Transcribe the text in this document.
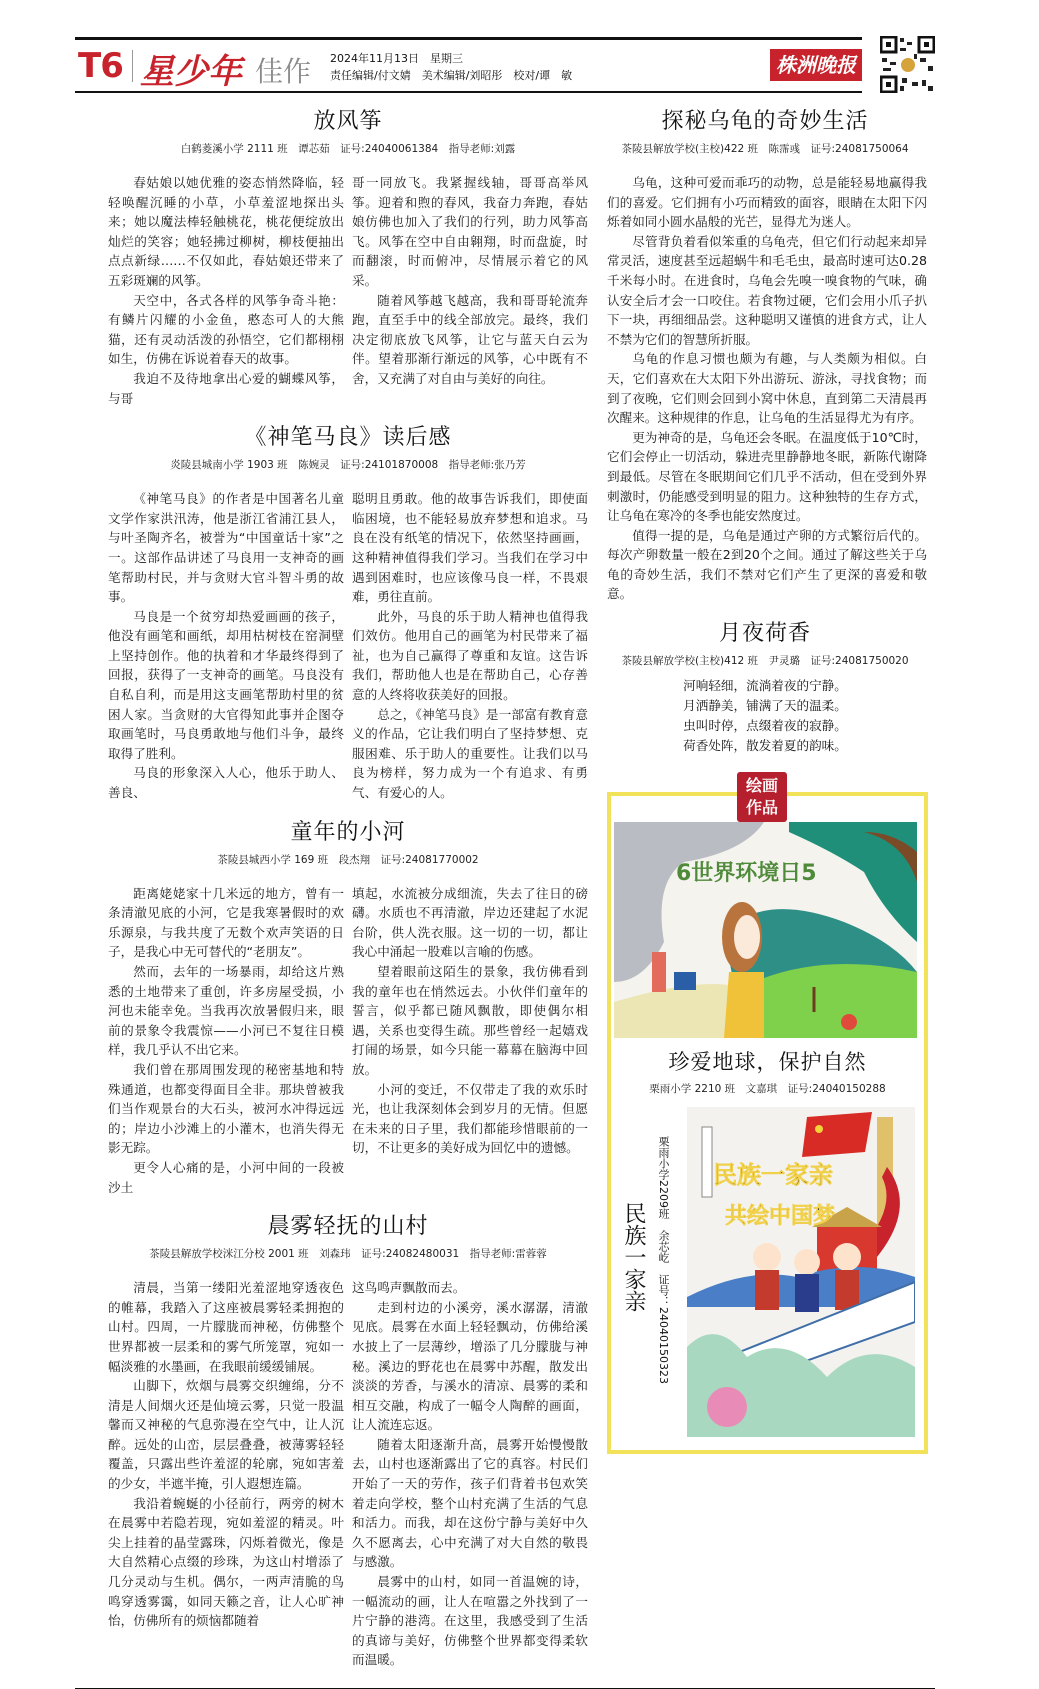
T6 星少年 佳作 2024年11月13日　星期三
责任编辑/付文婧　美术编辑/刘昭彤　校对/谭　敏	株洲晚报
放风筝
白鹤菱溪小学 2111 班　谭芯茹　证号:24040061384　指导老师:刘露

春姑娘以她优雅的姿态悄然降临，轻轻唤醒沉睡的小草，小草羞涩地探出头来；她以魔法棒轻触桃花，桃花便绽放出灿烂的笑容；她轻拂过柳树，柳枝便抽出点点新绿……不仅如此，春姑娘还带来了五彩斑斓的风筝。

天空中，各式各样的风筝争奇斗艳：有鳞片闪耀的小金鱼，憨态可人的大熊猫，还有灵动活泼的孙悟空，它们都栩栩如生，仿佛在诉说着春天的故事。

我迫不及待地拿出心爱的蝴蝶风筝，与哥

哥一同放飞。我紧握线轴，哥哥高举风筝。迎着和煦的春风，我奋力奔跑，春姑娘仿佛也加入了我们的行列，助力风筝高飞。风筝在空中自由翱翔，时而盘旋，时而翻滚，时而俯冲，尽情展示着它的风采。

随着风筝越飞越高，我和哥哥轮流奔跑，直至手中的线全部放完。最终，我们决定彻底放飞风筝，让它与蓝天白云为伴。望着那渐行渐远的风筝，心中既有不舍，又充满了对自由与美好的向往。

《神笔马良》读后感
炎陵县城南小学 1903 班　陈婉灵　证号:24101870008　指导老师:张乃芳

《神笔马良》的作者是中国著名儿童文学作家洪汛涛，他是浙江省浦江县人，与叶圣陶齐名，被誉为“中国童话十家”之一。这部作品讲述了马良用一支神奇的画笔帮助村民，并与贪财大官斗智斗勇的故事。

马良是一个贫穷却热爱画画的孩子，他没有画笔和画纸，却用枯树枝在窑洞壁上坚持创作。他的执着和才华最终得到了回报，获得了一支神奇的画笔。马良没有自私自利，而是用这支画笔帮助村里的贫困人家。当贪财的大官得知此事并企图夺取画笔时，马良勇敢地与他们斗争，最终取得了胜利。

马良的形象深入人心，他乐于助人、善良、

聪明且勇敢。他的故事告诉我们，即使面临困境，也不能轻易放弃梦想和追求。马良在没有纸笔的情况下，依然坚持画画，这种精神值得我们学习。当我们在学习中遇到困难时，也应该像马良一样，不畏艰难，勇往直前。

此外，马良的乐于助人精神也值得我们效仿。他用自己的画笔为村民带来了福祉，也为自己赢得了尊重和友谊。这告诉我们，帮助他人也是在帮助自己，心存善意的人终将收获美好的回报。

总之，《神笔马良》是一部富有教育意义的作品，它让我们明白了坚持梦想、克服困难、乐于助人的重要性。让我们以马良为榜样，努力成为一个有追求、有勇气、有爱心的人。

童年的小河
茶陵县城西小学 169 班　段杰翔　证号:24081770002

距离姥姥家十几米远的地方，曾有一条清澈见底的小河，它是我寒暑假时的欢乐源泉，与我共度了无数个欢声笑语的日子，是我心中无可替代的“老朋友”。

然而，去年的一场暴雨，却给这片熟悉的土地带来了重创，许多房屋受损，小河也未能幸免。当我再次放暑假归来，眼前的景象令我震惊——小河已不复往日模样，我几乎认不出它来。

我们曾在那周围发现的秘密基地和特殊通道，也都变得面目全非。那块曾被我们当作观景台的大石头，被河水冲得远远的；岸边小沙滩上的小灌木，也消失得无影无踪。

更令人心痛的是，小河中间的一段被沙土

填起，水流被分成细流，失去了往日的磅礴。水质也不再清澈，岸边还建起了水泥台阶，供人洗衣服。这一切的一切，都让我心中涌起一股难以言喻的伤感。

望着眼前这陌生的景象，我仿佛看到我的童年也在悄然远去。小伙伴们童年的誓言，似乎都已随风飘散，即使偶尔相遇，关系也变得生疏。那些曾经一起嬉戏打闹的场景，如今只能一幕幕在脑海中回放。

小河的变迁，不仅带走了我的欢乐时光，也让我深刻体会到岁月的无情。但愿在未来的日子里，我们都能珍惜眼前的一切，不让更多的美好成为回忆中的遗憾。

晨雾轻抚的山村
茶陵县解放学校洣江分校 2001 班　刘森玮　证号:24082480031　指导老师:雷蓉蓉

清晨，当第一缕阳光羞涩地穿透夜色的帷幕，我踏入了这座被晨雾轻柔拥抱的山村。四周，一片朦胧而神秘，仿佛整个世界都被一层柔和的雾气所笼罩，宛如一幅淡雅的水墨画，在我眼前缓缓铺展。

山脚下，炊烟与晨雾交织缠绵，分不清是人间烟火还是仙境云雾，只觉一股温馨而又神秘的气息弥漫在空气中，让人沉醉。远处的山峦，层层叠叠，被薄雾轻轻覆盖，只露出些许羞涩的轮廓，宛如害羞的少女，半遮半掩，引人遐想连篇。

我沿着蜿蜒的小径前行，两旁的树木在晨雾中若隐若现，宛如羞涩的精灵。叶尖上挂着的晶莹露珠，闪烁着微光，像是大自然精心点缀的珍珠，为这山村增添了几分灵动与生机。偶尔，一两声清脆的鸟鸣穿透雾霭，如同天籁之音，让人心旷神怡，仿佛所有的烦恼都随着

这鸟鸣声飘散而去。

走到村边的小溪旁，溪水潺潺，清澈见底。晨雾在水面上轻轻飘动，仿佛给溪水披上了一层薄纱，增添了几分朦胧与神秘。溪边的野花也在晨雾中苏醒，散发出淡淡的芳香，与溪水的清凉、晨雾的柔和相互交融，构成了一幅令人陶醉的画面，让人流连忘返。

随着太阳逐渐升高，晨雾开始慢慢散去，山村也逐渐露出了它的真容。村民们开始了一天的劳作，孩子们背着书包欢笑着走向学校，整个山村充满了生活的气息和活力。而我，却在这份宁静与美好中久久不愿离去，心中充满了对大自然的敬畏与感激。

晨雾中的山村，如同一首温婉的诗，一幅流动的画，让人在喧嚣之外找到了一片宁静的港湾。在这里，我感受到了生活的真谛与美好，仿佛整个世界都变得柔软而温暖。

探秘乌龟的奇妙生活
茶陵县解放学校(主校)422 班　陈霈彧　证号:24081750064

乌龟，这种可爱而乖巧的动物，总是能轻易地赢得我们的喜爱。它们拥有小巧而精致的面容，眼睛在太阳下闪烁着如同小圆水晶般的光芒，显得尤为迷人。

尽管背负着看似笨重的乌龟壳，但它们行动起来却异常灵活，速度甚至远超蜗牛和毛毛虫，最高时速可达0.28千米每小时。在进食时，乌龟会先嗅一嗅食物的气味，确认安全后才会一口咬住。若食物过硬，它们会用小爪子扒下一块，再细细品尝。这种聪明又谨慎的进食方式，让人不禁为它们的智慧所折服。

乌龟的作息习惯也颇为有趣，与人类颇为相似。白天，它们喜欢在大太阳下外出游玩、游泳，寻找食物；而到了夜晚，它们则会回到小窝中休息，直到第二天清晨再次醒来。这种规律的作息，让乌龟的生活显得尤为有序。

更为神奇的是，乌龟还会冬眠。在温度低于10℃时，它们会停止一切活动，躲进壳里静静地冬眠，新陈代谢降到最低。尽管在冬眠期间它们几乎不活动，但在受到外界刺激时，仍能感受到明显的阻力。这种独特的生存方式，让乌龟在寒冷的冬季也能安然度过。

值得一提的是，乌龟是通过产卵的方式繁衍后代的。每次产卵数量一般在2到20个之间。通过了解这些关于乌龟的奇妙生活，我们不禁对它们产生了更深的喜爱和敬意。

月夜荷香
茶陵县解放学校(主校)412 班　尹灵璐　证号:24081750020
河响轻细，流淌着夜的宁静。
月洒静美，铺满了天的温柔。
虫叫时停，点缀着夜的寂静。
荷香处阵，散发着夏的韵味。
绘画
作品
6世界环境日5
珍爱地球，保护自然
栗雨小学 2210 班　文嘉琪　证号:24040150288
民族一家亲 栗雨小学2209班　余芯屹　证号：24040150323 民族一家亲
共绘中国梦
